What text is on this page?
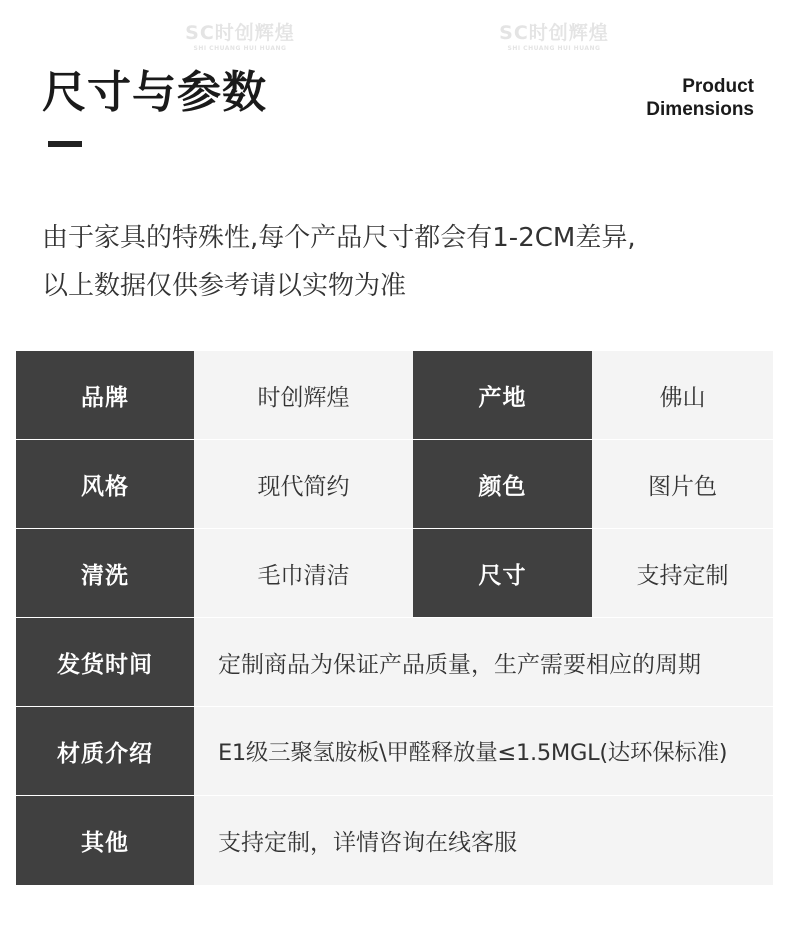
SC时创辉煌
SHI CHUANG HUI HUANG
SC时创辉煌
SHI CHUANG HUI HUANG
尺寸与参数	Product
Dimensions
由于家具的特殊性,每个产品尺寸都会有1-2CM差异,
以上数据仅供参考请以实物为准
品牌	时创辉煌	产地	佛山
风格	现代简约	颜色	图片色
清洗	毛巾清洁	尺寸	支持定制
发货时间	定制商品为保证产品质量，生产需要相应的周期
材质介绍	E1级三聚氢胺板\甲醛释放量≤1.5MGL(达环保标准)
其他	支持定制，详情咨询在线客服
